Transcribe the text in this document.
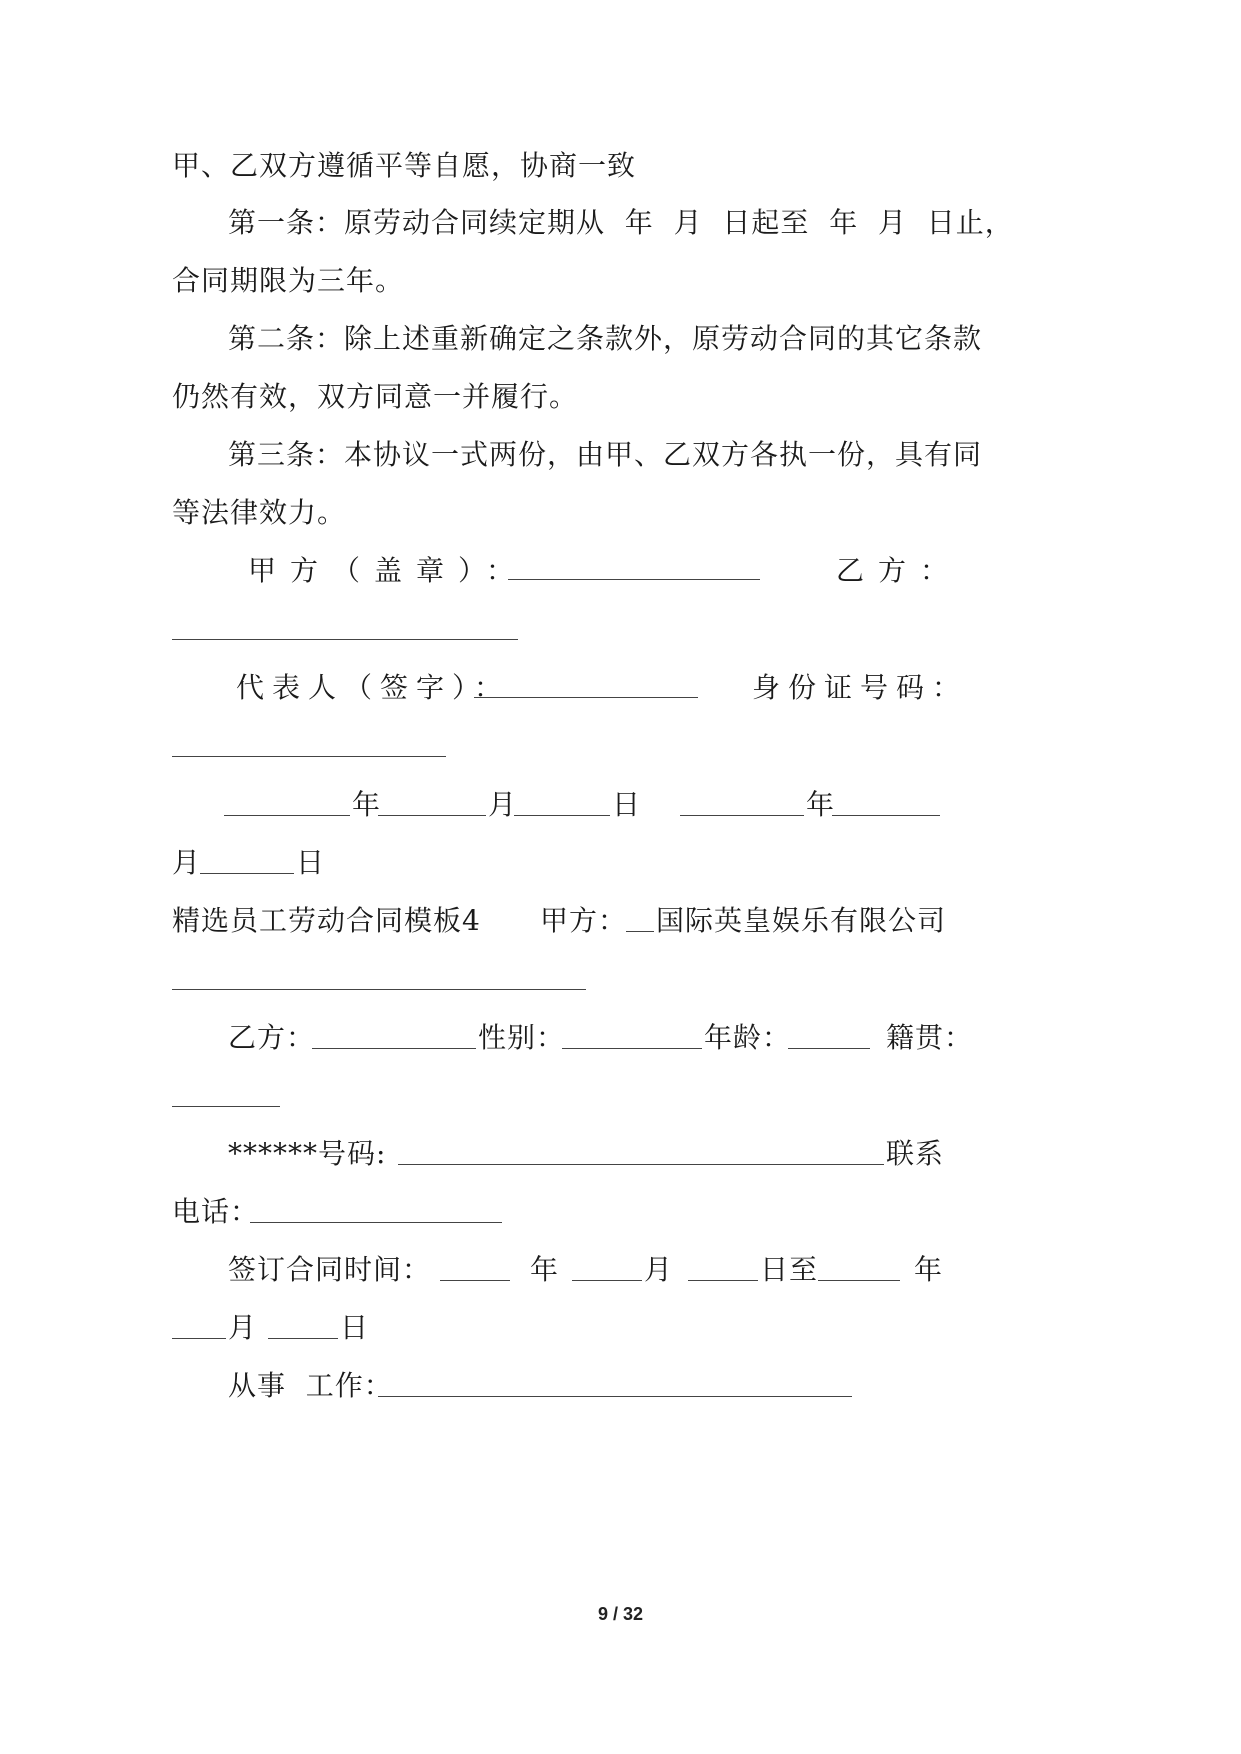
甲、乙双方遵循平等自愿，协商一致
第一条：原劳动合同续定期从  年  月  日起至  年  月  日止，
合同期限为三年。
第二条：除上述重新确定之条款外，原劳动合同的其它条款
仍然有效，双方同意一并履行。
第三条：本协议一式两份，由甲、乙双方各执一份，具有同
等法律效力。
甲方（盖章）：	乙方：
代表人（签字）：	身份证号码：
年	月	日	年
月	日
精选员工劳动合同模板4 甲方： 国际英皇娱乐有限公司
乙方：	性别：	年龄：	籍贯：
******号码:	联系
电话：
签订合同时间：	年	月	日至	年
月	日
从事  工作：
9 / 32
